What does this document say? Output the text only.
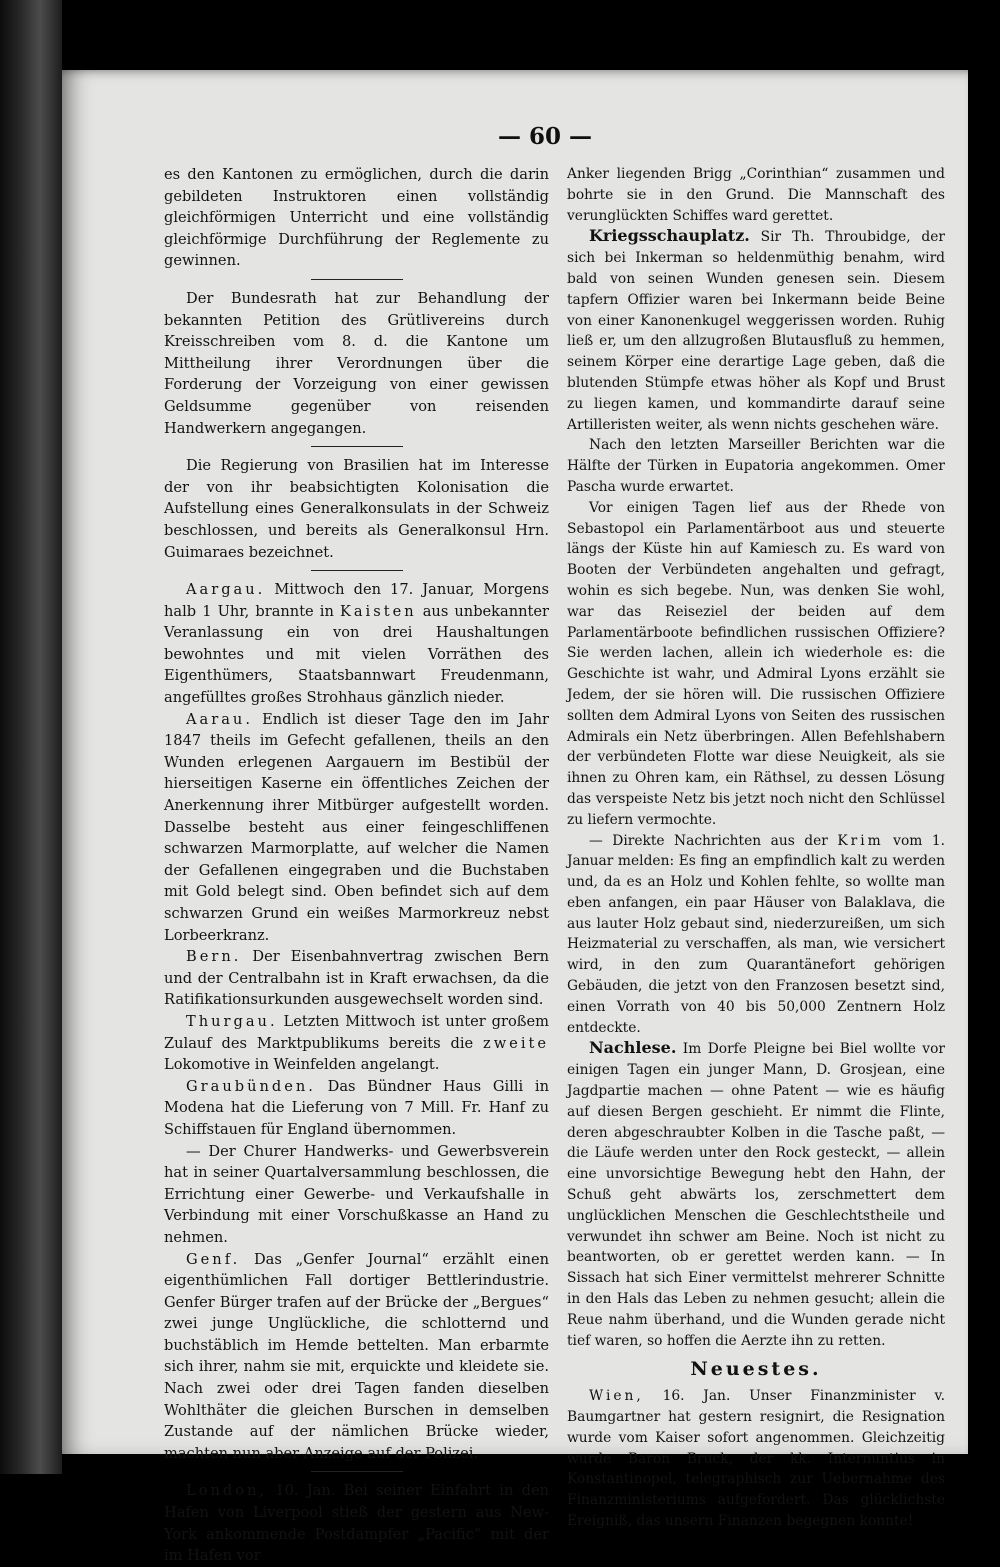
— 60 —

es den Kantonen zu ermöglichen, durch die darin gebildeten Instruktoren einen vollständig gleichförmigen Unterricht und eine vollständig gleichförmige Durchführung der Reglemente zu gewinnen.

Der Bundesrath hat zur Behandlung der bekannten Petition des Grütlivereins durch Kreisschreiben vom 8. d. die Kantone um Mittheilung ihrer Verordnungen über die Forderung der Vorzeigung von einer gewissen Geldsumme gegenüber von reisenden Handwerkern angegangen.

Die Regierung von Brasilien hat im Interesse der von ihr beabsichtigten Kolonisation die Aufstellung eines Generalkonsulats in der Schweiz beschlossen, und bereits als Generalkonsul Hrn. Guimaraes bezeichnet.

Aargau. Mittwoch den 17. Januar, Morgens halb 1 Uhr, brannte in Kaisten aus unbekannter Veranlassung ein von drei Haushaltungen bewohntes und mit vielen Vorräthen des Eigenthümers, Staatsbannwart Freudenmann, angefülltes großes Strohhaus gänzlich nieder.

Aarau. Endlich ist dieser Tage den im Jahr 1847 theils im Gefecht gefallenen, theils an den Wunden erlegenen Aargauern im Bestibül der hierseitigen Kaserne ein öffentliches Zeichen der Anerkennung ihrer Mitbürger aufgestellt worden. Dasselbe besteht aus einer feingeschliffenen schwarzen Marmorplatte, auf welcher die Namen der Gefallenen eingegraben und die Buchstaben mit Gold belegt sind. Oben befindet sich auf dem schwarzen Grund ein weißes Marmorkreuz nebst Lorbeerkranz.

Bern. Der Eisenbahnvertrag zwischen Bern und der Centralbahn ist in Kraft erwachsen, da die Ratifikationsurkunden ausgewechselt worden sind.

Thurgau. Letzten Mittwoch ist unter großem Zulauf des Marktpublikums bereits die zweite Lokomotive in Weinfelden angelangt.

Graubünden. Das Bündner Haus Gilli in Modena hat die Lieferung von 7 Mill. Fr. Hanf zu Schiffstauen für England übernommen.

— Der Churer Handwerks- und Gewerbsverein hat in seiner Quartalversammlung beschlossen, die Errichtung einer Gewerbe- und Verkaufshalle in Verbindung mit einer Vorschußkasse an Hand zu nehmen.

Genf. Das „Genfer Journal“ erzählt einen eigenthümlichen Fall dortiger Bettlerindustrie. Genfer Bürger trafen auf der Brücke der „Bergues“ zwei junge Unglückliche, die schlotternd und buchstäblich im Hemde bettelten. Man erbarmte sich ihrer, nahm sie mit, erquickte und kleidete sie. Nach zwei oder drei Tagen fanden dieselben Wohlthäter die gleichen Burschen in demselben Zustande auf der nämlichen Brücke wieder, machten nun aber Anzeige auf der Polizei.

London, 10. Jan. Bei seiner Einfahrt in den Hafen von Liverpool stieß der gestern aus New-York ankommende Postdampfer „Pacific“ mit der im Hafen vor

Anker liegenden Brigg „Corinthian“ zusammen und bohrte sie in den Grund. Die Mannschaft des verunglückten Schiffes ward gerettet.

Kriegsschauplatz. Sir Th. Throubidge, der sich bei Inkerman so heldenmüthig benahm, wird bald von seinen Wunden genesen sein. Diesem tapfern Offizier waren bei Inkermann beide Beine von einer Kanonenkugel weggerissen worden. Ruhig ließ er, um den allzugroßen Blutausfluß zu hemmen, seinem Körper eine derartige Lage geben, daß die blutenden Stümpfe etwas höher als Kopf und Brust zu liegen kamen, und kommandirte darauf seine Artilleristen weiter, als wenn nichts geschehen wäre.

Nach den letzten Marseiller Berichten war die Hälfte der Türken in Eupatoria angekommen. Omer Pascha wurde erwartet.

Vor einigen Tagen lief aus der Rhede von Sebastopol ein Parlamentärboot aus und steuerte längs der Küste hin auf Kamiesch zu. Es ward von Booten der Verbündeten angehalten und gefragt, wohin es sich begebe. Nun, was denken Sie wohl, war das Reiseziel der beiden auf dem Parlamentärboote befindlichen russischen Offiziere? Sie werden lachen, allein ich wiederhole es: die Geschichte ist wahr, und Admiral Lyons erzählt sie Jedem, der sie hören will. Die russischen Offiziere sollten dem Admiral Lyons von Seiten des russischen Admirals ein Netz überbringen. Allen Befehlshabern der verbündeten Flotte war diese Neuigkeit, als sie ihnen zu Ohren kam, ein Räthsel, zu dessen Lösung das verspeiste Netz bis jetzt noch nicht den Schlüssel zu liefern vermochte.

— Direkte Nachrichten aus der Krim vom 1. Januar melden: Es fing an empfindlich kalt zu werden und, da es an Holz und Kohlen fehlte, so wollte man eben anfangen, ein paar Häuser von Balaklava, die aus lauter Holz gebaut sind, niederzureißen, um sich Heizmaterial zu verschaffen, als man, wie versichert wird, in den zum Quarantänefort gehörigen Gebäuden, die jetzt von den Franzosen besetzt sind, einen Vorrath von 40 bis 50,000 Zentnern Holz entdeckte.

Nachlese. Im Dorfe Pleigne bei Biel wollte vor einigen Tagen ein junger Mann, D. Grosjean, eine Jagdpartie machen — ohne Patent — wie es häufig auf diesen Bergen geschieht. Er nimmt die Flinte, deren abgeschraubter Kolben in die Tasche paßt, — die Läufe werden unter den Rock gesteckt, — allein eine unvorsichtige Bewegung hebt den Hahn, der Schuß geht abwärts los, zerschmettert dem unglücklichen Menschen die Geschlechtstheile und verwundet ihn schwer am Beine. Noch ist nicht zu beantworten, ob er gerettet werden kann. — In Sissach hat sich Einer vermittelst mehrerer Schnitte in den Hals das Leben zu nehmen gesucht; allein die Reue nahm überhand, und die Wunden gerade nicht tief waren, so hoffen die Aerzte ihn zu retten.

Neuestes.

Wien, 16. Jan. Unser Finanzminister v. Baumgartner hat gestern resignirt, die Resignation wurde vom Kaiser sofort angenommen. Gleichzeitig wurde Baron Bruck, der kk. Internuntius in Konstantinopel, telegraphisch zur Uebernahme des Finanzministeriums aufgefordert. Das glücklichste Ereigniß, das unsern Finanzen begegnen konnte!
